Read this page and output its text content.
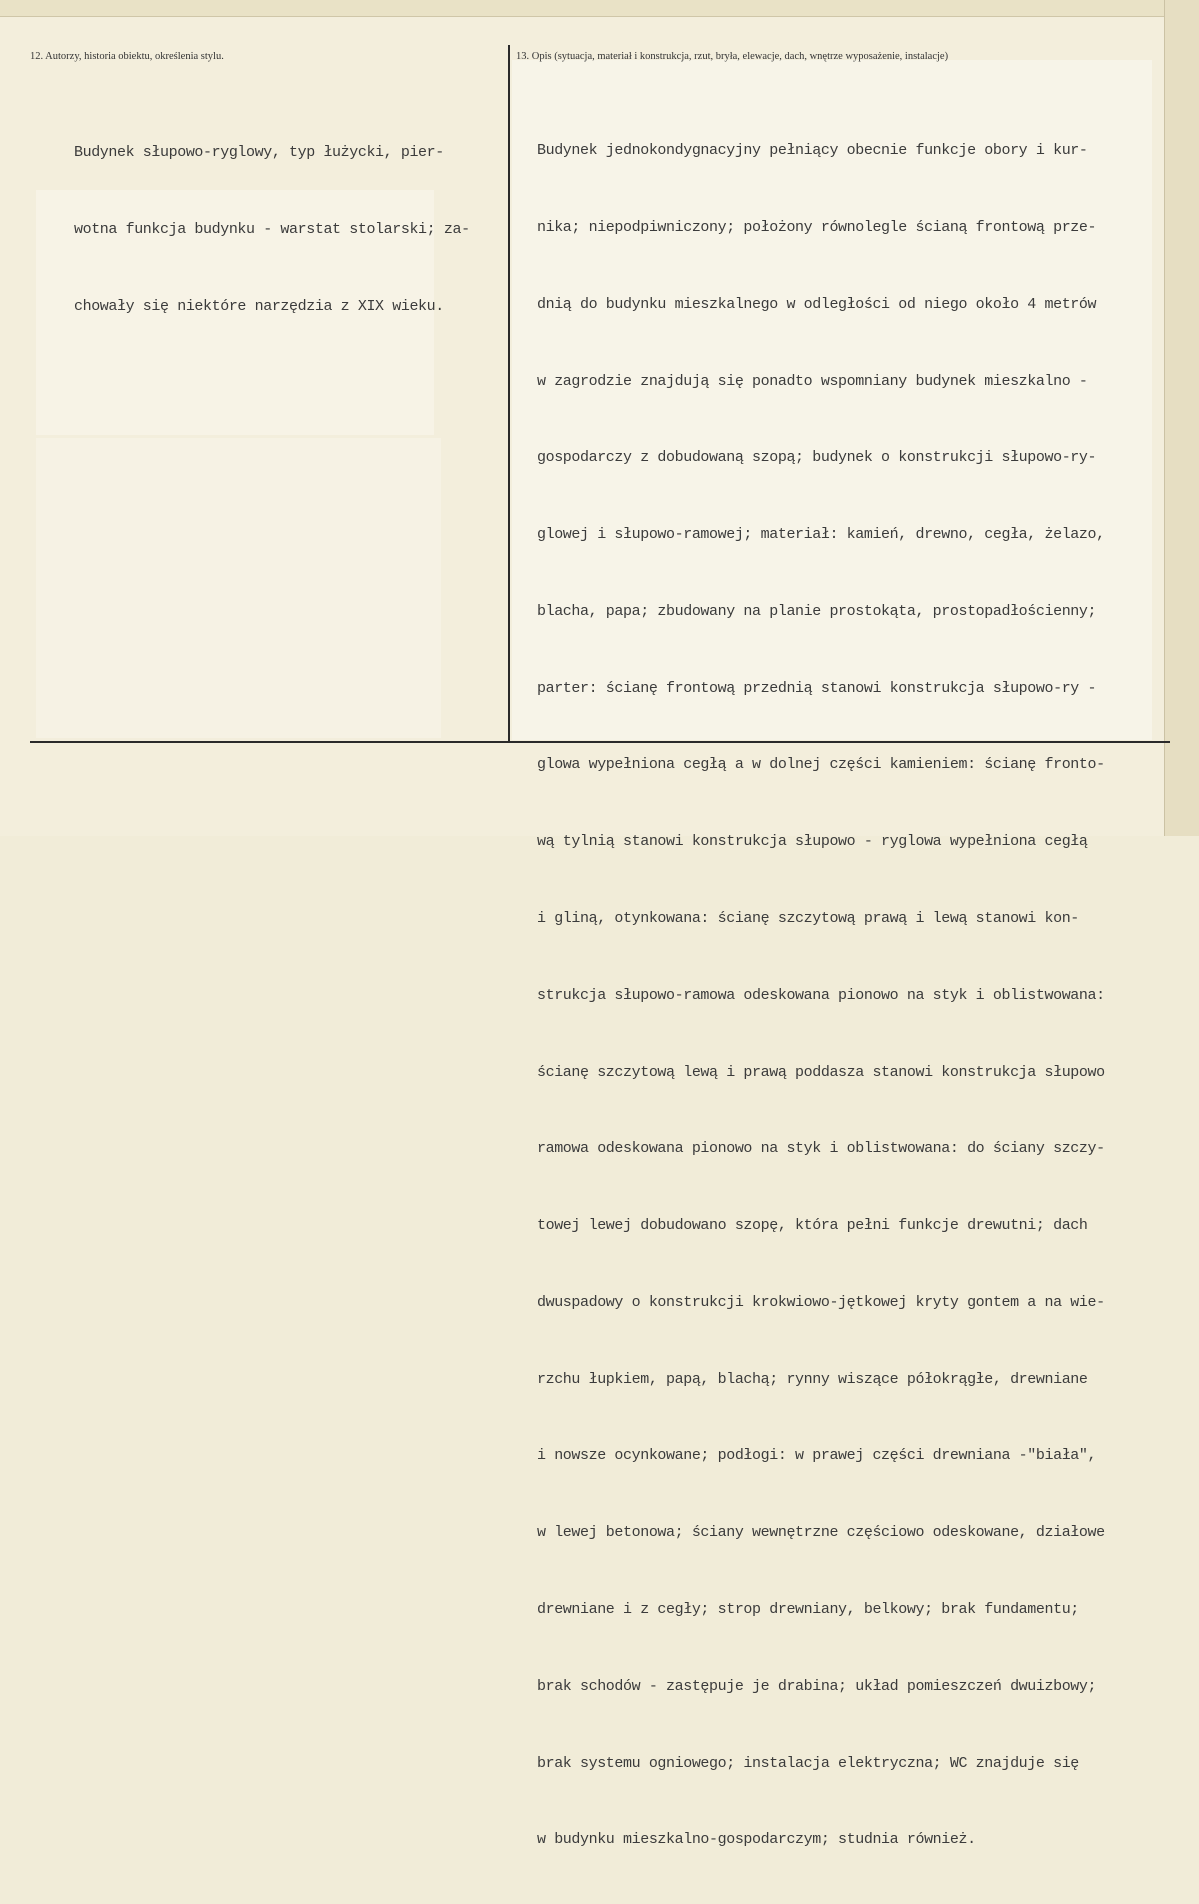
12. Autorzy, historia obiektu, określenia stylu.	13. Opis (sytuacja, materiał i konstrukcja, rzut, bryła, elewacje, dach, wnętrze wyposażenie, instalacje)

Budynek słupowo-ryglowy, typ łużycki, pier-

wotna funkcja budynku - warstat stolarski; za-

chowały się niektóre narzędzia z XIX wieku.

Budynek jednokondygnacyjny pełniący obecnie funkcje obory i kur-

nika; niepodpiwniczony; położony równolegle ścianą frontową prze-

dnią do budynku mieszkalnego w odległości od niego około 4 metrów

w zagrodzie znajdują się ponadto wspomniany budynek mieszkalno -

gospodarczy z dobudowaną szopą; budynek o konstrukcji słupowo-ry-

glowej i słupowo-ramowej; materiał: kamień, drewno, cegła, żelazo,

blacha, papa; zbudowany na planie prostokąta, prostopadłościenny;

parter: ścianę frontową przednią stanowi konstrukcja słupowo-ry -

glowa wypełniona cegłą a w dolnej części kamieniem: ścianę fronto-

wą tylnią stanowi konstrukcja słupowo - ryglowa wypełniona cegłą

i gliną, otynkowana: ścianę szczytową prawą i lewą stanowi kon-

strukcja słupowo-ramowa odeskowana pionowo na styk i oblistwowana:

ścianę szczytową lewą i prawą poddasza stanowi konstrukcja słupowo

ramowa odeskowana pionowo na styk i oblistwowana: do ściany szczy-

towej lewej dobudowano szopę, która pełni funkcje drewutni; dach

dwuspadowy o konstrukcji krokwiowo-jętkowej kryty gontem a na wie-

rzchu łupkiem, papą, blachą; rynny wiszące półokrągłe, drewniane

i nowsze ocynkowane; podłogi: w prawej części drewniana -"biała",

w lewej betonowa; ściany wewnętrzne częściowo odeskowane, działowe

drewniane i z cegły; strop drewniany, belkowy; brak fundamentu;

brak schodów - zastępuje je drabina; układ pomieszczeń dwuizbowy;

brak systemu ogniowego; instalacja elektryczna; WC znajduje się

w budynku mieszkalno-gospodarczym; studnia również.
